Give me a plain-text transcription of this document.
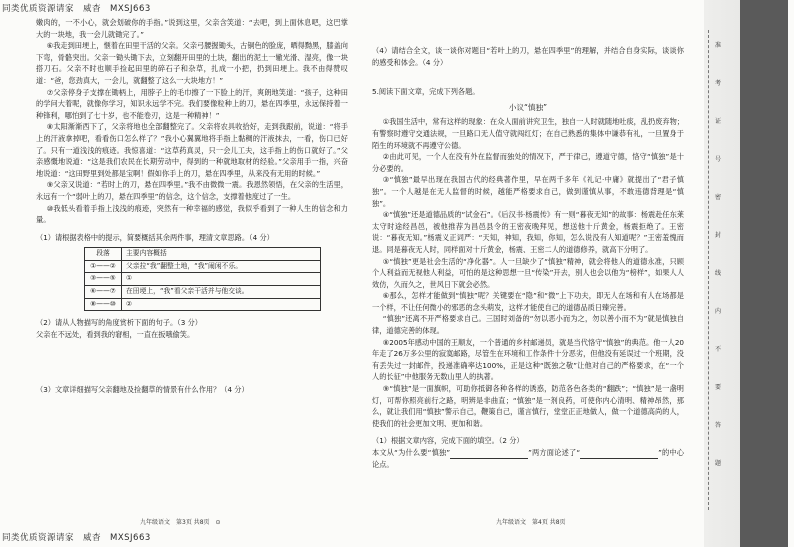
同类优质资源请家　威杳　MXSJ663

嫩肉的，一不小心，就会划破你的手指。”说到这里，父亲含笑道：“去吧，到上面休息吧，这巴掌大的一块地，我一会儿就锄完了。”

⑥我走到田埂上，惬着在田里干活的父亲。父亲弓腰握锄头，古铜色的脸庞，晒得黝黑，膝盖向下弯，骨骼突出。父亲一锄头锄下去，立刻翻开田里的土块，翻出的泥土一辙光滑、湿亮，像一块搭刀石。父亲不时也顺手捡起田里的碎石子和杂草，扎成一小把，扔到田埂上。我不由得赞叹道：“爸，您劲真大，一会儿，就翻整了这么一大块地方！”

⑦父亲停身子支撑在锄柄上，用脖子上的毛巾擦了一下脸上的汗，爽朗地笑道：“孩子，这种田的学问大着呢，就像你学习，知识永远学不完。我们要像粒种上的刀，悬在四季里，永远保持着一种锋利，哪怕到了七十岁，也不能卷刃，这是一种精神！”

⑧太阳渐渐西下了，父亲将地也全部翻整完了。父亲将农具收拾好，走到我跟前，说道：“将手上的汗液拿掉吧，看看伤口怎么样了？”我小心翼翼地将手指上黏稠的汗液抹去，一看，伤口已好了。只有一道浅浅的痕迹。我惊喜道：“这草药真灵，只一会儿工夫，这手指上的伤口就好了。”父亲感慨地说道：“这是我们农民在长期劳动中，得到的一种就地取材的经验。”父亲用手一指，兴奋地说道：“这田野里到处都是宝啊！假如你手上的刀，悬在四季里，从来没有无用的时候。”

⑨父亲又说道：“若时上的刀，悬在四季里。”我不由微微一震。我恩然领悟，在父亲的生活里，永远有一个“弱叶上的刀，悬在四季里”的信念，这个信念，支撑着他度过了一生。

⑩我低头看着手指上浅浅的痕迹，突然有一种幸福的感觉，我似乎看到了一种人生的信念和力量。

（1）请根据表格中的提示，简要概括其余两件事，理清文章思路。（4 分）

段落	主要内容概括
①——②	父亲拉“我”翻整土地，“我”闹闲不乐。
③——⑤	①
⑥——⑦	在田埂上，“我”看父亲干活并与他交谈。
⑧——⑩	②

（2）请从人物描写的角度赏析下面的句子。（3 分）

父亲在不远处，看到我的窘相，一直在扳哦偷笑。

（3）文章详细描写父亲翻地及捡翻草的情景有什么作用？（4 分）

（4）请结合全文，谈一谈你对题目“若叶上的刀，悬在四季里”的理解，并结合自身实际，谈谈你的感受和体会。（4 分）

5.阅读下面文章，完成下列各题。

小议“慎独”

①我国生活中，常有这样的现象：在众人面前讲究卫生，独自一人时就随地吐痰，乱扔废弃物；有警察时遵守交通法规，一旦路口无人值守就闯红灯；在自己熟悉的集体中谦恭有礼，一旦置身于陌生的环境就不再遵守公德。

②由此可见，一个人在没有外在监督而独处的情况下，严于律己，遵道守德，恪守“慎独”是十分必要的。

③“慎独”最早出现在我国古代的经典著作里，早在两千多年《礼记·中庸》就提出了“君子慎独”。一个人越是在无人监督的时候，越能严格要求自己，做到谨慎从事，不敢违德背理是“慎独”。

④“慎独”还是道德品质的“试金石”。《后汉书·杨震传》有一则“暮夜无知”的故事：杨震赴任东莱太守时途经昌邑，被他推荐为昌邑县令的王密夜晚拜见，想送他十斤黄金，杨震拒绝了。王密说：“暮夜无知。”杨震义正词严：“天知，神知，我知，你知，怎么说没有人知道呢？”王密羞愧而退。同是暮夜无人时，同样面对十斤黄金，杨震、王密二人的道德修养，就高下分明了。

⑤“慎独”更是社会生活的“净化器”。人一旦缺少了“慎独”精神，就会将他人的道德永准，只顾个人利益而无视他人利益，可怕的是这种思想一旦“传染”开去，别人也会以他为“榜样”，如果人人效仿，久而久之，世风日下就会必然。

⑥那么，怎样才能做到“慎独”呢？关键要在“隐”和“微”上下功夫，即无人在场和有人在场都是一个样，不让任何微小的邪恶的念头萌发，这样才能使自己的道德品质日臻完善。

“慎独”还离不开严格要求自己。三国时刘备的“勿以恶小而为之，勿以善小而不为”就是慎独自律，道德完善的体现。

⑧2005年感动中国的王顺友，一个普通的乡村邮递员，就是当代恪守“慎独”的典范。他一人20年走了26万多公里的寂寞邮路，尽管生在环境和工作条件十分恶劣，但他没有延误过一个班期，没有丢失过一封邮件，投递准确率达100%，正是这种“既独之敬”让他对自己的严格要求，在“一个人的长征”中他服务无数山里人的执著。

⑨“慎独”是一面旗帜，可助你抵御各种各样的诱惑，防范各色各类的“翻跌”；“慎独”是一盏明灯，可帮你照亮前行之路，明辨是非曲直；“慎独”是一剂良药，可使你内心清明、精神昂然，那么，就让我们用“慎独”警示自己，鞭策自己，谨言慎行，堂堂正正地做人，做一个道德高尚的人，使我们的社会更加文明、更加和谐。

（1）根据文章内容，完成下面的填空。（2 分）

本文从“为什么要“慎独”	”两方面论述了“	”的中心论点。

九年级语文　第3页 共8页　⊙	九年级语文　第4页 共8页
同类优质资源请家　威杳　MXSJ663
准
考
证
号
密
封
线
内
不
要
答
题
